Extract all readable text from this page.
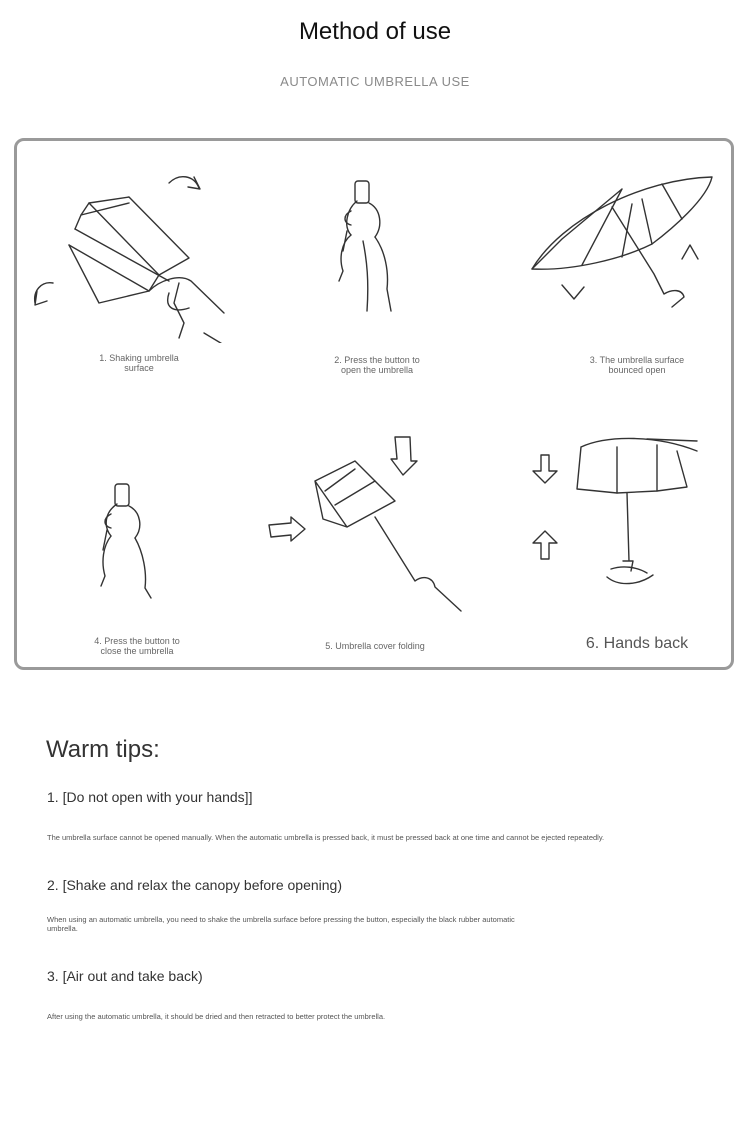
Method of use
AUTOMATIC UMBRELLA USE
1. Shaking umbrella
surface
2. Press the button to
open the umbrella
3. The umbrella surface
bounced open
4. Press the button to
close the umbrella	5. Umbrella cover folding	6. Hands back
Warm tips:
1. [Do not open with your hands]]
The umbrella surface cannot be opened manually. When the automatic umbrella is pressed back, it must be pressed back at one time and cannot be ejected repeatedly.
2. [Shake and relax the canopy before opening)
When using an automatic umbrella, you need to shake the umbrella surface before pressing the button, especially the black rubber automatic umbrella.
3. [Air out and take back)
After using the automatic umbrella, it should be dried and then retracted to better protect the umbrella.
